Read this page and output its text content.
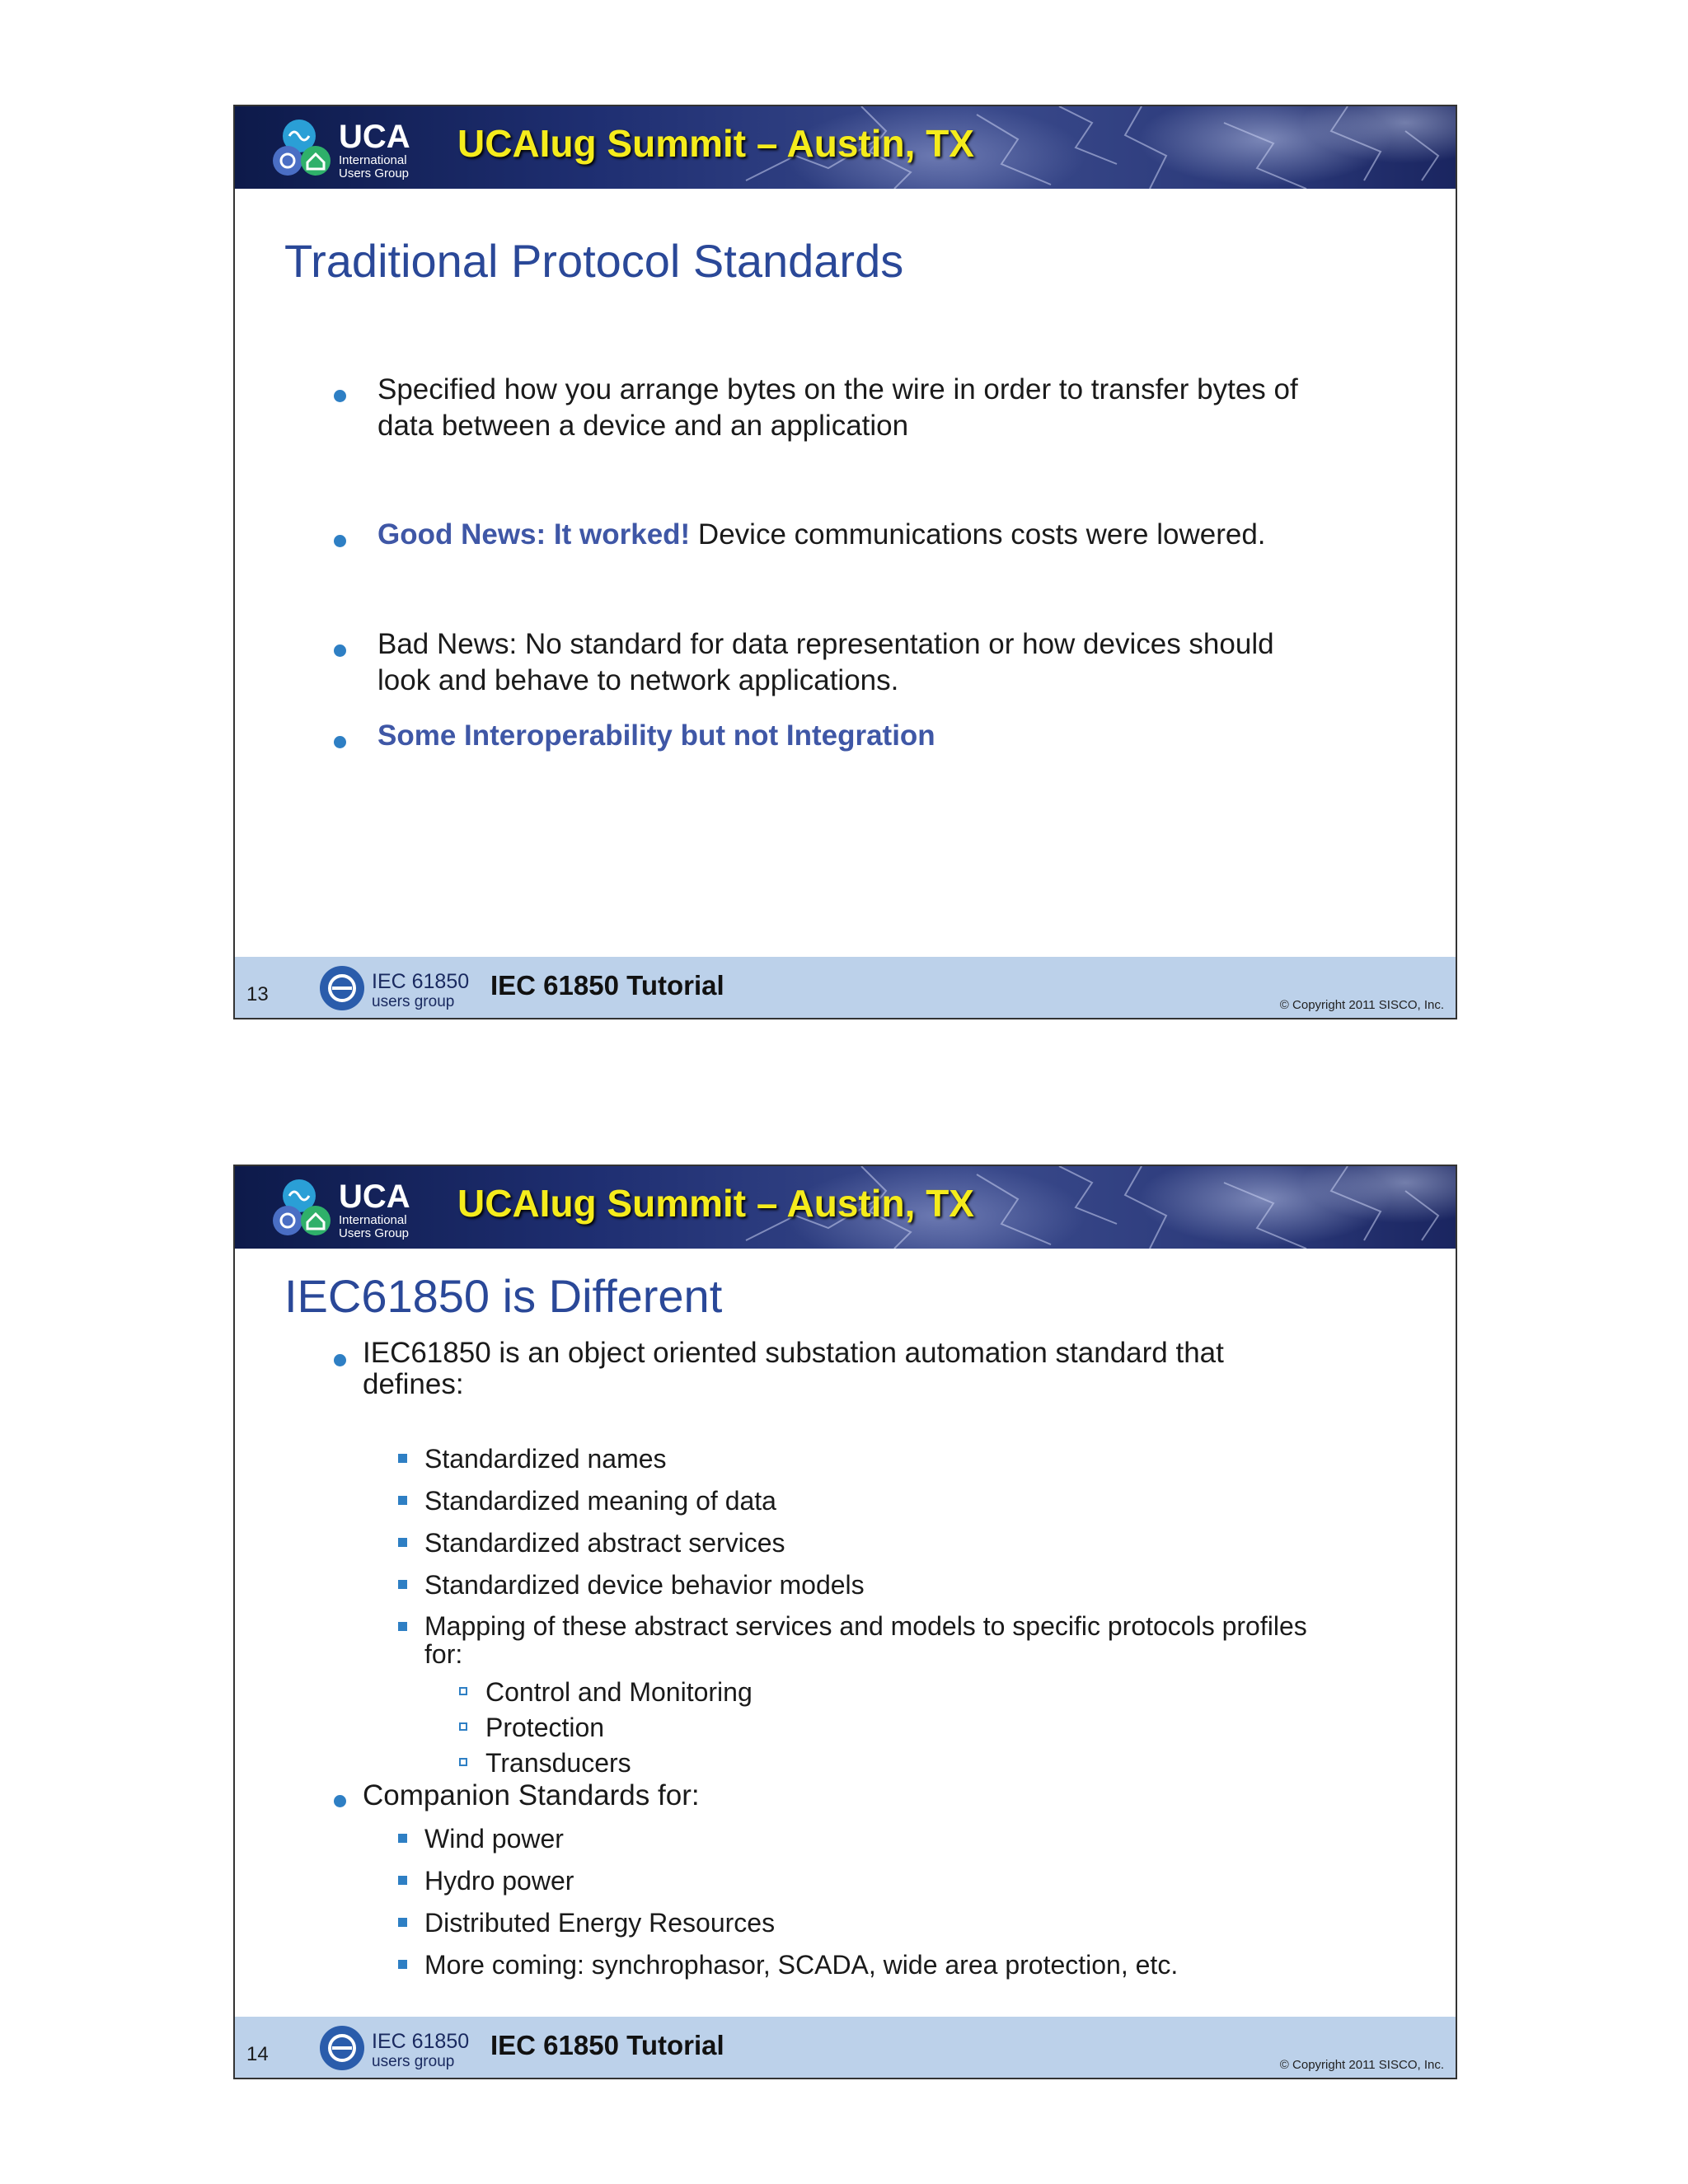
UCA
International
Users Group
UCAIug Summit – Austin, TX
Traditional Protocol Standards
Specified how you arrange bytes on the wire in order to transfer bytes of
data between a device and an application
Good News: It worked! Device communications costs were lowered.
Bad News: No standard for data representation or how devices should
look and behave to network applications.
Some Interoperability but not Integration
13
IEC 61850
users group
IEC 61850 Tutorial
© Copyright 2011 SISCO, Inc.
UCA
International
Users Group
UCAIug Summit – Austin, TX
IEC61850 is Different
IEC61850 is an object oriented substation automation standard that
defines:
Standardized names
Standardized meaning of data
Standardized abstract services
Standardized device behavior models
Mapping of these abstract services and models to specific protocols profiles
for:
Control and Monitoring
Protection
Transducers
Companion Standards for:
Wind power
Hydro power
Distributed Energy Resources
More coming: synchrophasor, SCADA, wide area protection, etc.
14
IEC 61850
users group
IEC 61850 Tutorial
© Copyright 2011 SISCO, Inc.
